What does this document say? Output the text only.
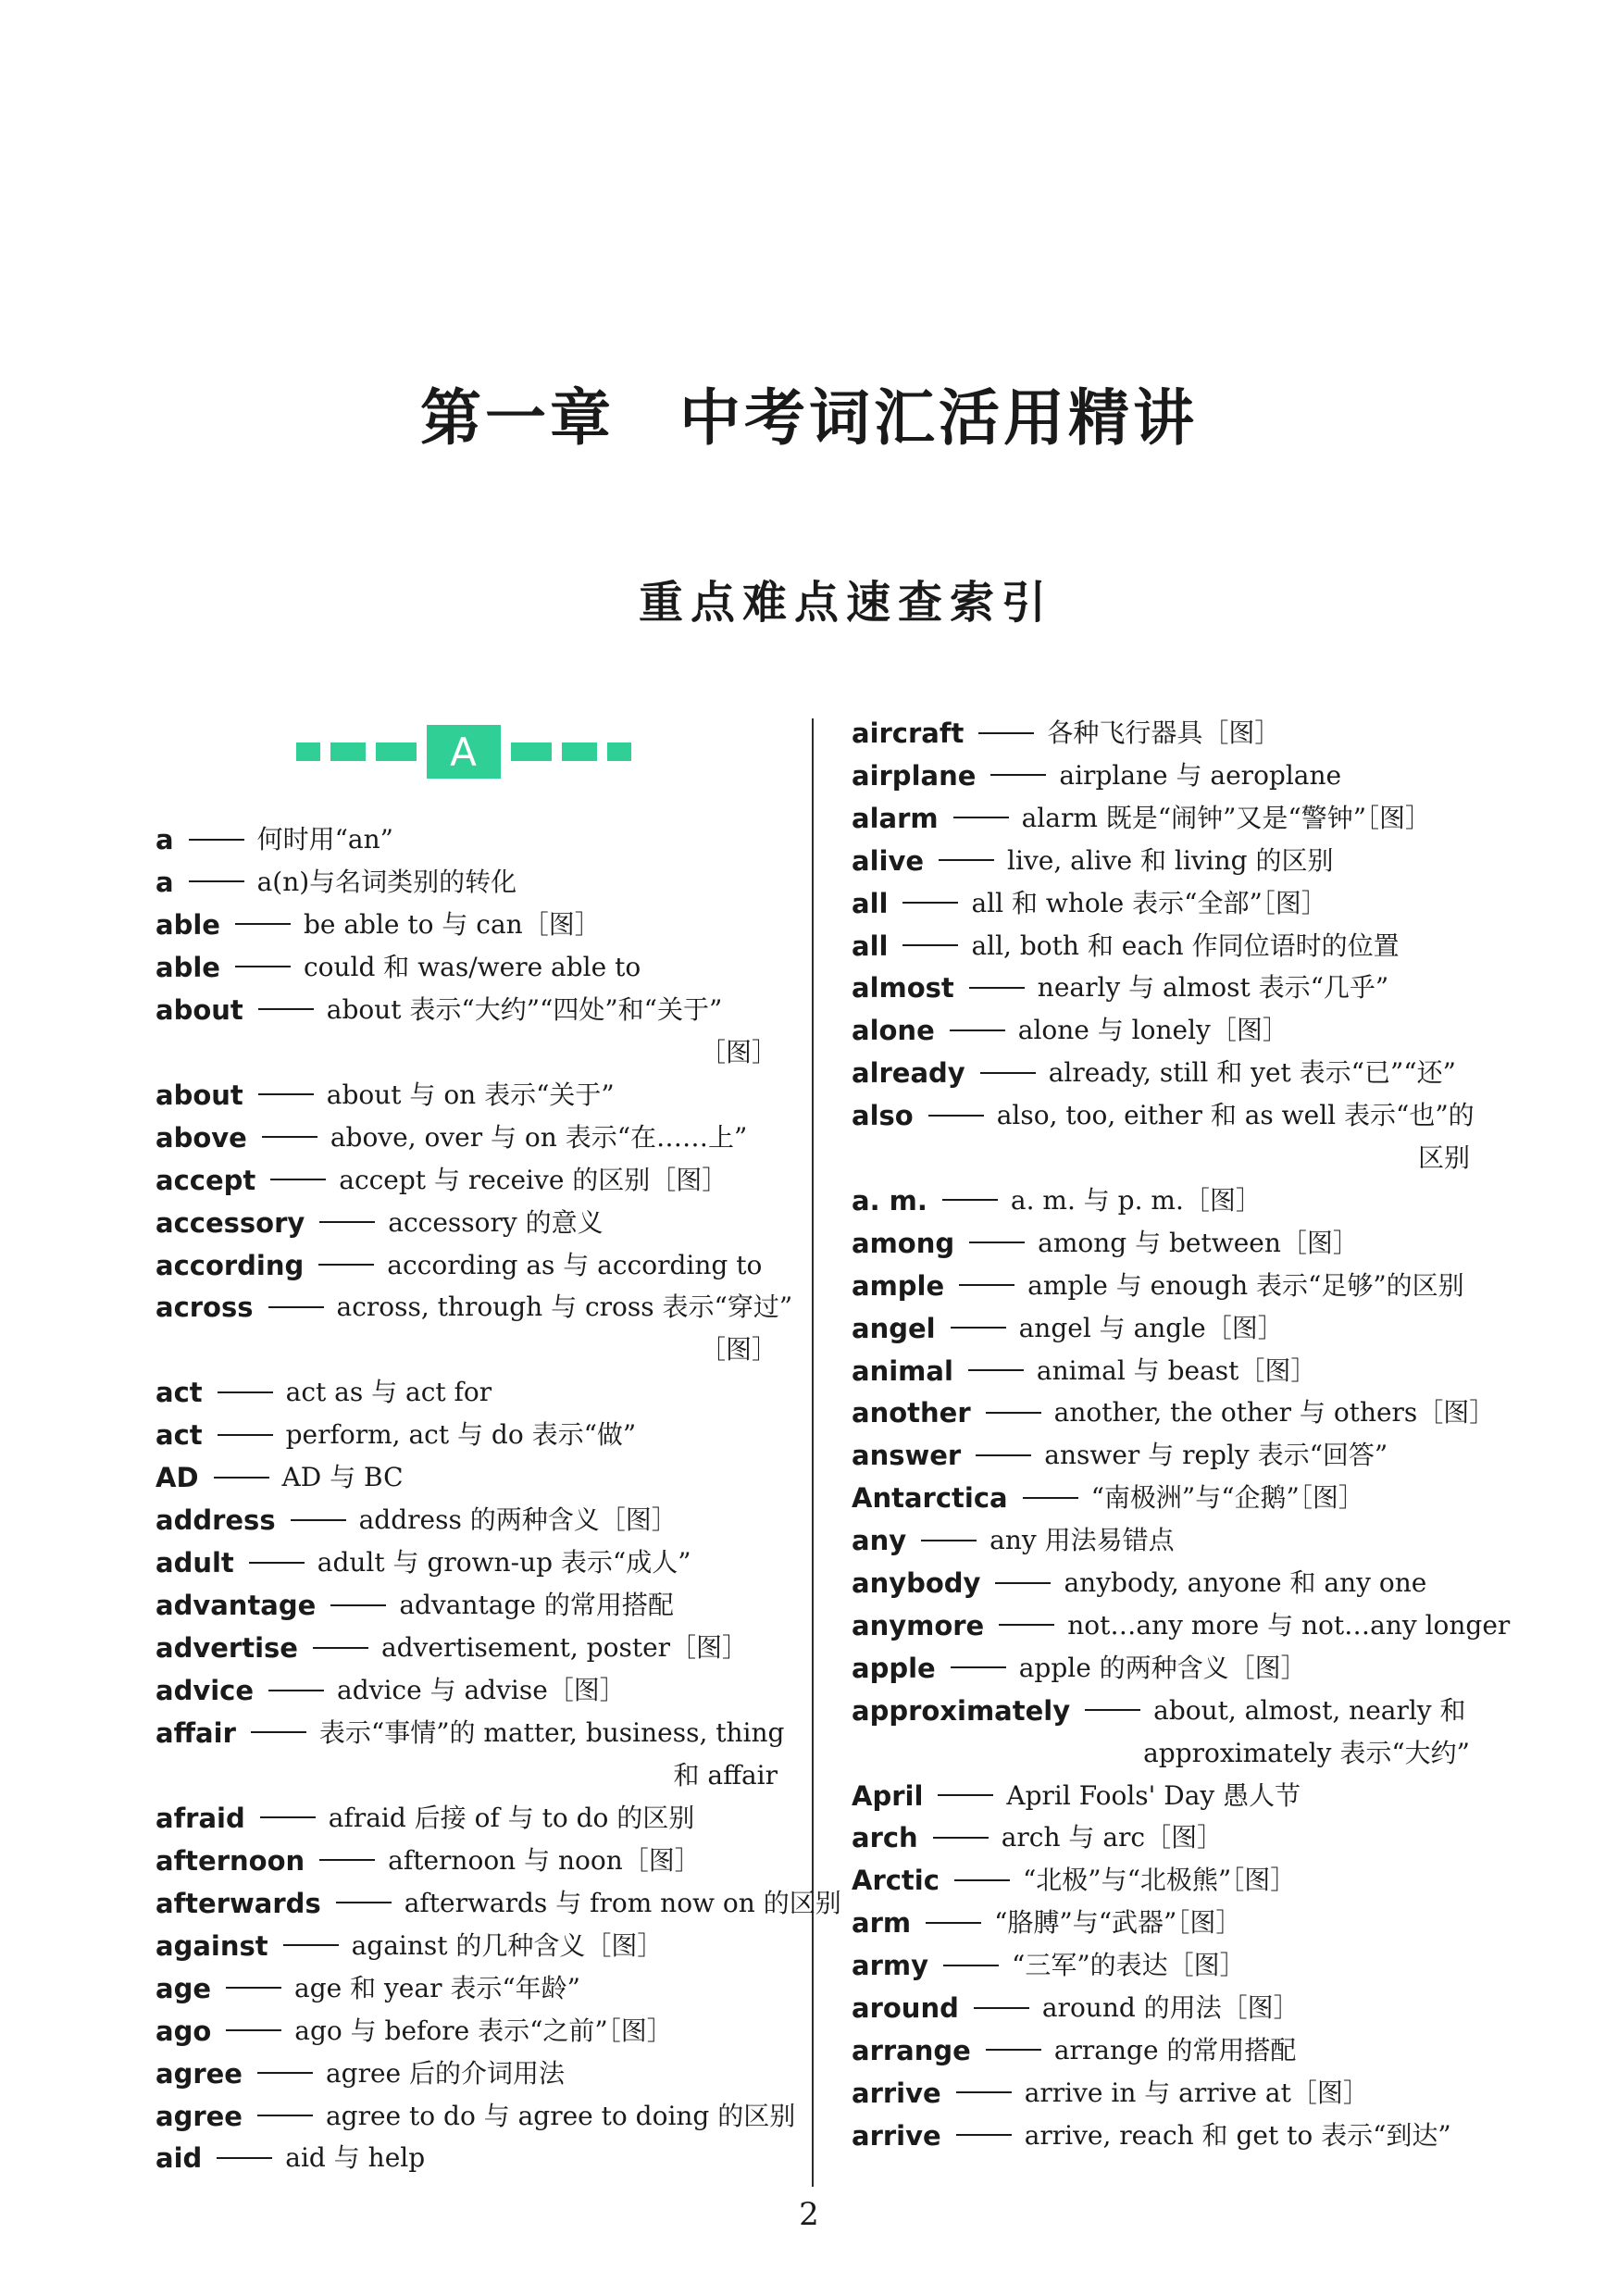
第一章 中考词汇活用精讲
重点难点速查索引
A
a	何时用“an”
a	a(n)与名词类别的转化
able	be able to 与 can［图］
able	could 和 was/were able to
about	about 表示“大约”“四处”和“关于”
［图］
about	about 与 on 表示“关于”
above	above, over 与 on 表示“在……上”
accept	accept 与 receive 的区别［图］
accessory	accessory 的意义
according	according as 与 according to
across	across, through 与 cross 表示“穿过”
［图］
act	act as 与 act for
act	perform, act 与 do 表示“做”
AD	AD 与 BC
address	address 的两种含义［图］
adult	adult 与 grown-up 表示“成人”
advantage	advantage 的常用搭配
advertise	advertisement, poster［图］
advice	advice 与 advise［图］
affair	表示“事情”的 matter, business, thing
和 affair
afraid	afraid 后接 of 与 to do 的区别
afternoon	afternoon 与 noon［图］
afterwards	afterwards 与 from now on 的区别
against	against 的几种含义［图］
age	age 和 year 表示“年龄”
ago	ago 与 before 表示“之前”［图］
agree	agree 后的介词用法
agree	agree to do 与 agree to doing 的区别
aid	aid 与 help
aircraft	各种飞行器具［图］
airplane	airplane 与 aeroplane
alarm	alarm 既是“闹钟”又是“警钟”［图］
alive	live, alive 和 living 的区别
all	all 和 whole 表示“全部”［图］
all	all, both 和 each 作同位语时的位置
almost	nearly 与 almost 表示“几乎”
alone	alone 与 lonely［图］
already	already, still 和 yet 表示“已”“还”
also	also, too, either 和 as well 表示“也”的
区别
a. m.	a. m. 与 p. m.［图］
among	among 与 between［图］
ample	ample 与 enough 表示“足够”的区别
angel	angel 与 angle［图］
animal	animal 与 beast［图］
another	another, the other 与 others［图］
answer	answer 与 reply 表示“回答”
Antarctica	“南极洲”与“企鹅”［图］
any	any 用法易错点
anybody	anybody, anyone 和 any one
anymore	not…any more 与 not…any longer
apple	apple 的两种含义［图］
approximately	about, almost, nearly 和
approximately 表示“大约”
April	April Fools' Day 愚人节
arch	arch 与 arc［图］
Arctic	“北极”与“北极熊”［图］
arm	“胳膊”与“武器”［图］
army	“三军”的表达［图］
around	around 的用法［图］
arrange	arrange 的常用搭配
arrive	arrive in 与 arrive at［图］
arrive	arrive, reach 和 get to 表示“到达”
2
